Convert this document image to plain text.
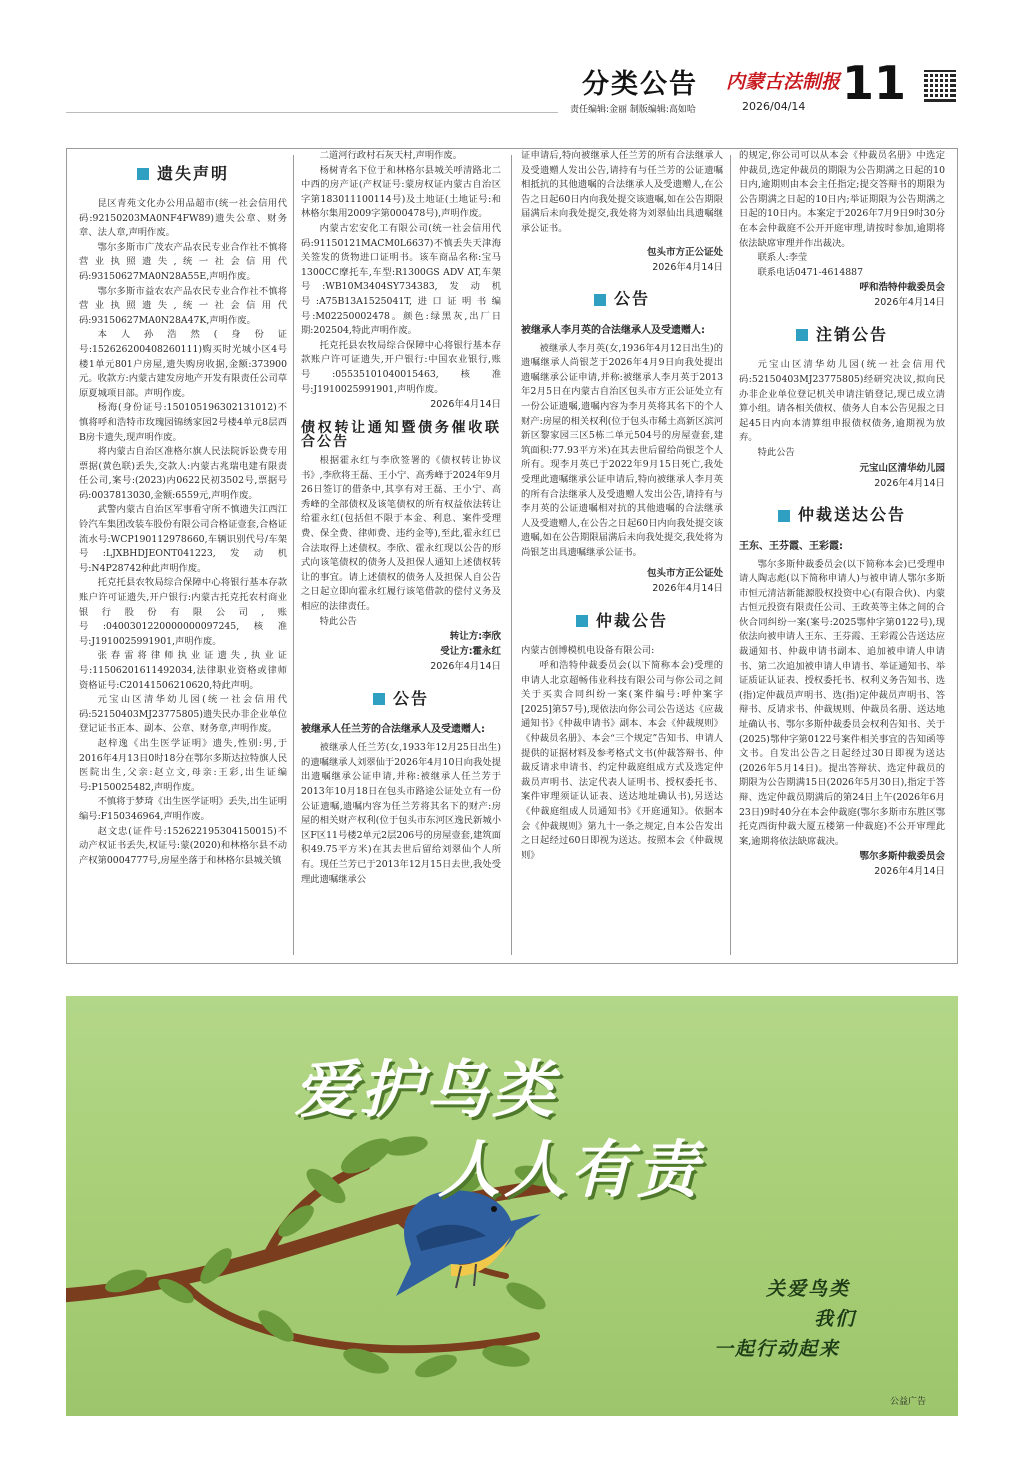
分类公告 内蒙古法制报 11
责任编辑:金丽 制版编辑:高如哈	2026/04/14
遗失声明

昆区青苑文化办公用品超市(统一社会信用代码:92150203MA0NF4FW89)遗失公章、财务章、法人章,声明作废。

鄂尔多斯市广茂农产品农民专业合作社不慎将营业执照遗失,统一社会信用代码:93150627MA0N28A55E,声明作废。

鄂尔多斯市益农农产品农民专业合作社不慎将营业执照遗失,统一社会信用代码:93150627MA0N28A47K,声明作废。

本人孙浩然(身份证号:152626200408260111)购买时光城小区4号楼1单元801户房屋,遗失购房收据,金额:373900元。收款方:内蒙古建发房地产开发有限责任公司草原夏城项目部。声明作废。

杨海(身份证号:150105196302131012)不慎将呼和浩特市玫瑰园锦绣家园2号楼4单元8层西B房卡遗失,现声明作废。

将内蒙古自治区准格尔旗人民法院诉讼费专用票据(黄色联)丢失,交款人:内蒙古兆瑞电建有限责任公司,案号:(2023)内0622民初3502号,票据号码:0037813030,金额:6559元,声明作废。

武警内蒙古自治区军事看守所不慎遗失江西江铃汽车集团改装车股份有限公司合格证壹套,合格证流水号:WCP190112978660,车辆识别代号/车架号:LJXBHDJEONT041223,发动机号:N4P28742种此声明作废。

托克托县农牧局综合保障中心将银行基本存款账户许可证遗失,开户银行:内蒙古托克托农村商业银行股份有限公司,账号:0400301220000000097245,核准号:J1910025991901,声明作废。

张春雷将律师执业证遗失,执业证号:11506201611492034,法律职业资格或律师资格证号:C20141506210620,特此声明。

元宝山区清华幼儿园(统一社会信用代码:52150403MJ23775805)遗失民办非企业单位登记证书正本、副本、公章、财务章,声明作废。

赵梓逸《出生医学证明》遗失,性别:男,于2016年4月13日0时18分在鄂尔多斯达拉特旗人民医院出生,父亲:赵立文,母亲:王彩,出生证编号:P150025482,声明作废。

不慎将于梦琦《出生医学证明》丢失,出生证明编号:F150346964,声明作废。

赵文忠(证件号:152622195304150015)不动产权证书丢失,权证号:蒙(2020)和林格尔县不动产权第0004777号,房屋坐落于和林格尔县城关镇

二道河行政村石灰天村,声明作废。

杨树青名下位于和林格尔县城关呼清路北二中西的房产证(产权证号:蒙房权证内蒙古自治区字第183011100114号)及土地证(土地证号:和林格尔集用2009字第000478号),声明作废。

内蒙古宏安化工有限公司(统一社会信用代码:91150121MACM0L6637)不慎丢失天津海关签发的货物进口证明书。该车商品名称:宝马1300CC摩托车,车型:R1300GS ADV AT,车架号:WB10M3404SY734383,发动机号:A75B13A1525041T,进口证明书编号:M02250002478。颜色:绿黑灰,出厂日期:202504,特此声明作废。

托克托县农牧局综合保障中心将银行基本存款账户许可证遗失,开户银行:中国农业银行,账号:05535101040015463,核准号:J1910025991901,声明作废。

2026年4月14日
债权转让通知暨债务催收联合公告

根据霍永红与李欣签署的《债权转让协议书》,李欣将王磊、王小宁、高秀峰于2024年9月26日签订的借条中,其享有对王磊、王小宁、高秀峰的全部债权及该笔债权的所有权益依法转让给霍永红(包括但不限于本金、利息、案件受理费、保全费、律师费、违约金等),至此,霍永红已合法取得上述债权。李欣、霍永红现以公告的形式向该笔债权的债务人及担保人通知上述债权转让的事宜。请上述债权的债务人及担保人自公告之日起立即向霍永红履行该笔借款的偿付义务及相应的法律责任。

特此公告

转让方:李欣
受让方:霍永红
2026年4月14日
公告
被继承人任兰芳的合法继承人及受遗赠人:

被继承人任兰芳(女,1933年12月25日出生)的遗嘱继承人刘翠仙于2026年4月10日向我处提出遗嘱继承公证申请,并称:被继承人任兰芳于2013年10月18日在包头市路途公证处立有一份公证遗嘱,遗嘱内容为任兰芳将其名下的财产:房屋的相关财产权利(位于包头市东河区逸民新城小区F区11号楼2单元2层206号的房屋壹套,建筑面积49.75平方米)在其去世后留给刘翠仙个人所有。现任兰芳已于2013年12月15日去世,我处受理此遗嘱继承公

证申请后,特向被继承人任兰芳的所有合法继承人及受遗赠人发出公告,请持有与任兰芳的公证遗嘱相抵抗的其他遗嘱的合法继承人及受遗赠人,在公告之日起60日内向我处提交该遗嘱,如在公告期限届满后未向我处提交,我处将为刘翠仙出具遗嘱继承公证书。

包头市方正公证处
2026年4月14日
公告
被继承人李月英的合法继承人及受遗赠人:

被继承人李月英(女,1936年4月12日出生)的遗嘱继承人尚银芝于2026年4月9日向我处提出遗嘱继承公证申请,并称:被继承人李月英于2013年2月5日在内蒙古自治区包头市方正公证处立有一份公证遗嘱,遗嘱内容为李月英将其名下的个人财产:房屋的相关权利(位于包头市稀土高新区滨河新区黎家园三区5栋二单元504号的房屋壹套,建筑面积:77.93平方米)在其去世后留给尚银芝个人所有。现李月英已于2022年9月15日死亡,我处受理此遗嘱继承公证申请后,特向被继承人李月英的所有合法继承人及受遗赠人发出公告,请持有与李月英的公证遗嘱相对抗的其他遗嘱的合法继承人及受遗赠人,在公告之日起60日内向我处提交该遗嘱,如在公告期限届满后未向我处提交,我处将为尚银芝出具遗嘱继承公证书。

包头市方正公证处
2026年4月14日
仲裁公告
内蒙古创博模机电设备有限公司:

呼和浩特仲裁委员会(以下简称本会)受理的申请人北京超畅伟业科技有限公司与你公司之间关于买卖合同纠纷一案(案件编号:呼仲案字[2025]第57号),现依法向你公司公告送达《应裁通知书》《仲裁申请书》副本、本会《仲裁规则》《仲裁员名册》、本会“三个规定”告知书、申请人提供的证据材料及参考格式文书(仲裁答辩书、仲裁反请求申请书、约定仲裁庭组成方式及选定仲裁员声明书、法定代表人证明书、授权委托书、案件审理须证认证表、送达地址确认书),另送达《仲裁庭组成人员通知书》《开庭通知》。依据本会《仲裁规则》第九十一条之规定,自本公告发出之日起经过60日即视为送达。按照本会《仲裁规则》

的规定,你公司可以从本会《仲裁员名册》中选定仲裁员,选定仲裁员的期限为公告期满之日起的10日内,逾期则由本会主任指定;提交答辩书的期限为公告期满之日起的10日内;举证期限为公告期满之日起的10日内。本案定于2026年7月9日9时30分在本会仲裁庭不公开开庭审理,请按时参加,逾期将依法缺席审理并作出裁决。

联系人:李莹

联系电话0471-4614887

呼和浩特仲裁委员会
2026年4月14日
注销公告

元宝山区清华幼儿园(统一社会信用代码:52150403MJ23775805)经研究决议,拟向民办非企业单位登记机关申请注销登记,现已成立清算小组。请各相关债权、债务人自本公告见报之日起45日内向本清算组申报债权债务,逾期视为放弃。

特此公告

元宝山区清华幼儿园
2026年4月14日
仲裁送达公告
王东、王芬霞、王彩霞:

鄂尔多斯仲裁委员会(以下简称本会)已受理申请人陶志彪(以下简称申请人)与被申请人鄂尔多斯市恒元清洁新能源股权投资中心(有限合伙)、内蒙古恒元投资有限责任公司、王政英等主体之间的合伙合同纠纷一案(案号:2025鄂仲字第0122号),现依法向被申请人王东、王芬霞、王彩霞公告送达应裁通知书、仲裁申请书副本、追加被申请人申请书、第二次追加被申请人申请书、举证通知书、举证质证认证表、授权委托书、权利义务告知书、选(指)定仲裁员声明书、选(指)定仲裁员声明书、答辩书、反请求书、仲裁规则、仲裁员名册、送达地址确认书、鄂尔多斯仲裁委员会权利告知书、关于(2025)鄂仲字第0122号案件相关事宜的告知函等文书。自发出公告之日起经过30日即视为送达(2026年5月14日)。提出答辩状、选定仲裁员的期限为公告期满15日(2026年5月30日),指定于答辩、选定仲裁员期满后的第24日上午(2026年6月23日)9时40分在本会仲裁庭(鄂尔多斯市东胜区鄂托克西街仲裁大厦五楼第一仲裁庭)不公开审理此案,逾期将依法缺席裁决。

鄂尔多斯仲裁委员会
2026年4月14日
爱护鸟类
人人有责
关爱鸟类
我们
一起行动起来
公益广告
